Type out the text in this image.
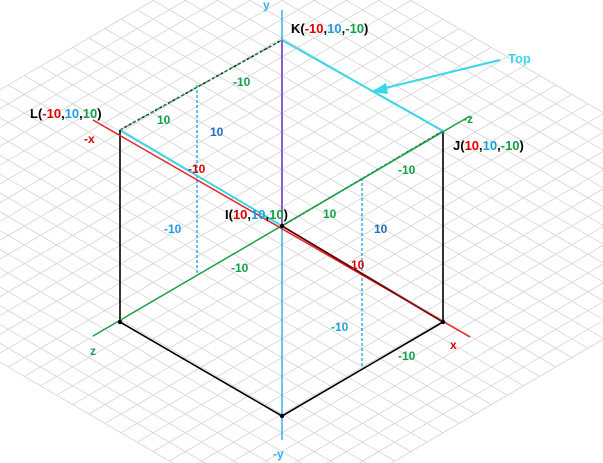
y
-y
x
-x
z
-z
K(-10,10,-10)
L(-10,10,10)
J(10,10,-10)
I(10,10,10)
Top
-10
10
10
-10
-10
-10
-10
10
10
10
-10
-10
